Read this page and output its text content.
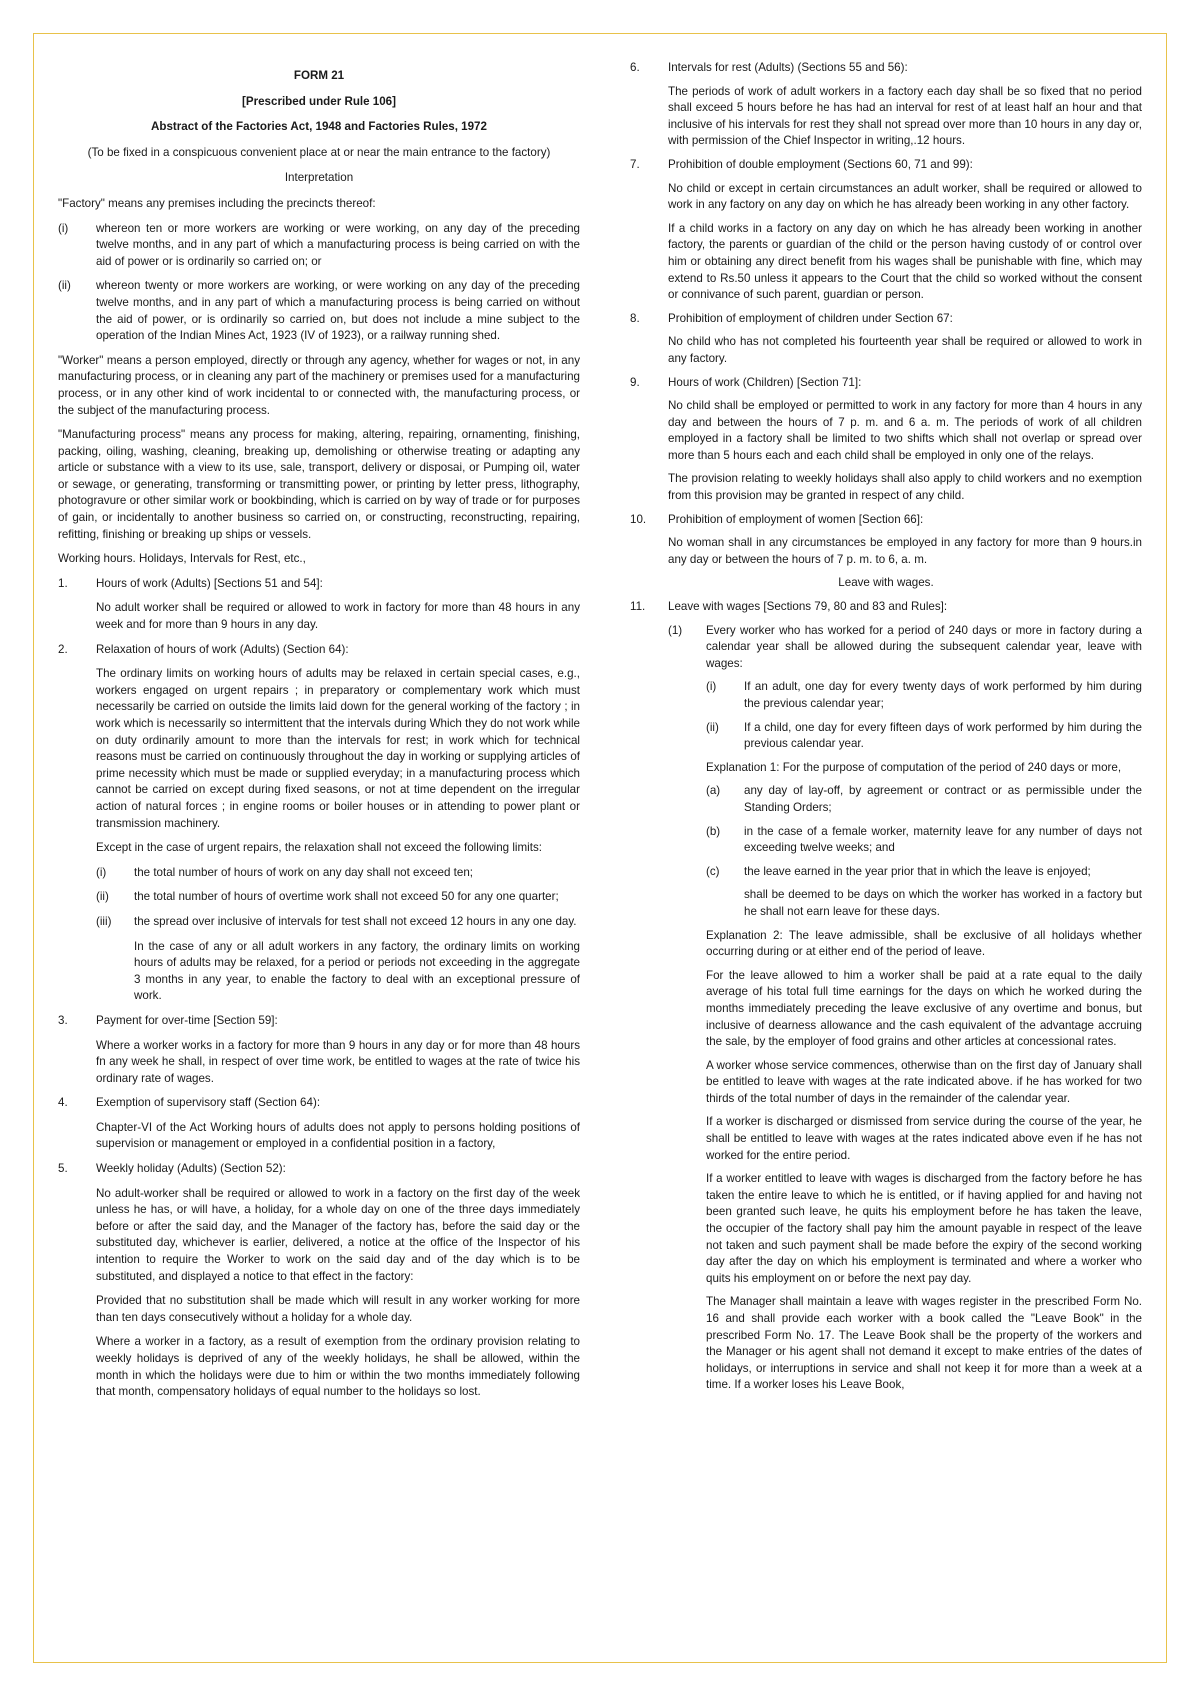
FORM 21

[Prescribed under Rule 106]

Abstract of the Factories Act, 1948 and Factories Rules, 1972

(To be fixed in a conspicuous convenient place at or near the main entrance to the factory)

Interpretation

"Factory" means any premises including the precincts thereof:

(i)	whereon ten or more workers are working or were working, on any day of the preceding twelve months, and in any part of which a manufacturing process is being carried on with the aid of power or is ordinarily so carried on; or
(ii)	whereon twenty or more workers are working, or were working on any day of the preceding twelve months, and in any part of which a manufacturing process is being carried on without the aid of power, or is ordinarily so carried on, but does not include a mine subject to the operation of the Indian Mines Act, 1923 (IV of 1923), or a railway running shed.

"Worker" means a person employed, directly or through any agency, whether for wages or not, in any manufacturing process, or in cleaning any part of the machinery or premises used for a manufacturing process, or in any other kind of work incidental to or connected with, the manufacturing process, or the subject of the manufacturing process.

"Manufacturing process" means any process for making, altering, repairing, ornamenting, finishing, packing, oiling, washing, cleaning, breaking up, demolishing or otherwise treating or adapting any article or substance with a view to its use, sale, transport, delivery or disposai, or Pumping oil, water or sewage, or generating, transforming or transmitting power, or printing by letter press, lithography, photogravure or other similar work or bookbinding, which is carried on by way of trade or for purposes of gain, or incidentally to another business so carried on, or constructing, reconstructing, repairing, refitting, finishing or breaking up ships or vessels.

Working hours. Holidays, Intervals for Rest, etc.,

1.	Hours of work (Adults) [Sections 51 and 54]:

No adult worker shall be required or allowed to work in factory for more than 48 hours in any week and for more than 9 hours in any day.

2.	Relaxation of hours of work (Adults) (Section 64):

The ordinary limits on working hours of adults may be relaxed in certain special cases, e.g., workers engaged on urgent repairs ; in preparatory or complementary work which must necessarily be carried on outside the limits laid down for the general working of the factory ; in work which is necessarily so intermittent that the intervals during Which they do not work while on duty ordinarily amount to more than the intervals for rest; in work which for technical reasons must be carried on continuously throughout the day in working or supplying articles of prime necessity which must be made or supplied everyday; in a manufacturing process which cannot be carried on except during fixed seasons, or not at time dependent on the irregular action of natural forces ; in engine rooms or boiler houses or in attending to power plant or transmission machinery.

Except in the case of urgent repairs, the relaxation shall not exceed the following limits:

(i)	the total number of hours of work on any day shall not exceed ten;
(ii)	the total number of hours of overtime work shall not exceed 50 for any one quarter;
(iii)	the spread over inclusive of intervals for test shall not exceed 12 hours in any one day.

In the case of any or all adult workers in any factory, the ordinary limits on working hours of adults may be relaxed, for a period or periods not exceeding in the aggregate 3 months in any year, to enable the factory to deal with an exceptional pressure of work.

3.	Payment for over-time [Section 59]:

Where a worker works in a factory for more than 9 hours in any day or for more than 48 hours fn any week he shall, in respect of over time work, be entitled to wages at the rate of twice his ordinary rate of wages.

4.	Exemption of supervisory staff (Section 64):

Chapter-VI of the Act Working hours of adults does not apply to persons holding positions of supervision or management or employed in a confidential position in a factory,

5.	Weekly holiday (Adults) (Section 52):

No adult-worker shall be required or allowed to work in a factory on the first day of the week unless he has, or will have, a holiday, for a whole day on one of the three days immediately before or after the said day, and the Manager of the factory has, before the said day or the substituted day, whichever is earlier, delivered, a notice at the office of the Inspector of his intention to require the Worker to work on the said day and of the day which is to be substituted, and displayed a notice to that effect in the factory:

Provided that no substitution shall be made which will result in any worker working for more than ten days consecutively without a holiday for a whole day.

Where a worker in a factory, as a result of exemption from the ordinary provision relating to weekly holidays is deprived of any of the weekly holidays, he shall be allowed, within the month in which the holidays were due to him or within the two months immediately following that month, compensatory holidays of equal number to the holidays so lost.

6.	Intervals for rest (Adults) (Sections 55 and 56):

The periods of work of adult workers in a factory each day shall be so fixed that no period shall exceed 5 hours before he has had an interval for rest of at least half an hour and that inclusive of his intervals for rest they shall not spread over more than 10 hours in any day or, with permission of the Chief Inspector in writing,.12 hours.

7.	Prohibition of double employment (Sections 60, 71 and 99):

No child or except in certain circumstances an adult worker, shall be required or allowed to work in any factory on any day on which he has already been working in any other factory.

If a child works in a factory on any day on which he has already been working in another factory, the parents or guardian of the child or the person having custody of or control over him or obtaining any direct benefit from his wages shall be punishable with fine, which may extend to Rs.50 unless it appears to the Court that the child so worked without the consent or connivance of such parent, guardian or person.

8.	Prohibition of employment of children under Section 67:

No child who has not completed his fourteenth year shall be required or allowed to work in any factory.

9.	Hours of work (Children) [Section 71]:

No child shall be employed or permitted to work in any factory for more than 4 hours in any day and between the hours of 7 p. m. and 6 a. m. The periods of work of all children employed in a factory shall be limited to two shifts which shall not overlap or spread over more than 5 hours each and each child shall be employed in only one of the relays.

The provision relating to weekly holidays shall also apply to child workers and no exemption from this provision may be granted in respect of any child.

10.	Prohibition of employment of women [Section 66]:

No woman shall in any circumstances be employed in any factory for more than 9 hours.in any day or between the hours of 7 p. m. to 6, a. m.

Leave with wages.

11.	Leave with wages [Sections 79, 80 and 83 and Rules]:
(1)	Every worker who has worked for a period of 240 days or more in factory during a calendar year shall be allowed during the subsequent calendar year, leave with wages:
(i)	If an adult, one day for every twenty days of work performed by him during the previous calendar year;
(ii)	If a child, one day for every fifteen days of work performed by him during the previous calendar year.

Explanation 1: For the purpose of computation of the period of 240 days or more,

(a)	any day of lay-off, by agreement or contract or as permissible under the Standing Orders;
(b)	in the case of a female worker, maternity leave for any number of days not exceeding twelve weeks; and
(c)	the leave earned in the year prior that in which the leave is enjoyed;

shall be deemed to be days on which the worker has worked in a factory but he shall not earn leave for these days.

Explanation 2: The leave admissible, shall be exclusive of all holidays whether occurring during or at either end of the period of leave.

For the leave allowed to him a worker shall be paid at a rate equal to the daily average of his total full time earnings for the days on which he worked during the months immediately preceding the leave exclusive of any overtime and bonus, but inclusive of dearness allowance and the cash equivalent of the advantage accruing the sale, by the employer of food grains and other articles at concessional rates.

A worker whose service commences, otherwise than on the first day of January shall be entitled to leave with wages at the rate indicated above. if he has worked for two thirds of the total number of days in the remainder of the calendar year.

If a worker is discharged or dismissed from service during the course of the year, he shall be entitled to leave with wages at the rates indicated above even if he has not worked for the entire period.

If a worker entitled to leave with wages is discharged from the factory before he has taken the entire leave to which he is entitled, or if having applied for and having not been granted such leave, he quits his employment before he has taken the leave, the occupier of the factory shall pay him the amount payable in respect of the leave not taken and such payment shall be made before the expiry of the second working day after the day on which his employment is terminated and where a worker who quits his employment on or before the next pay day.

The Manager shall maintain a leave with wages register in the prescribed Form No. 16 and shall provide each worker with a book called the "Leave Book" in the prescribed Form No. 17. The Leave Book shall be the property of the workers and the Manager or his agent shall not demand it except to make entries of the dates of holidays, or interruptions in service and shall not keep it for more than a week at a time. If a worker loses his Leave Book,
